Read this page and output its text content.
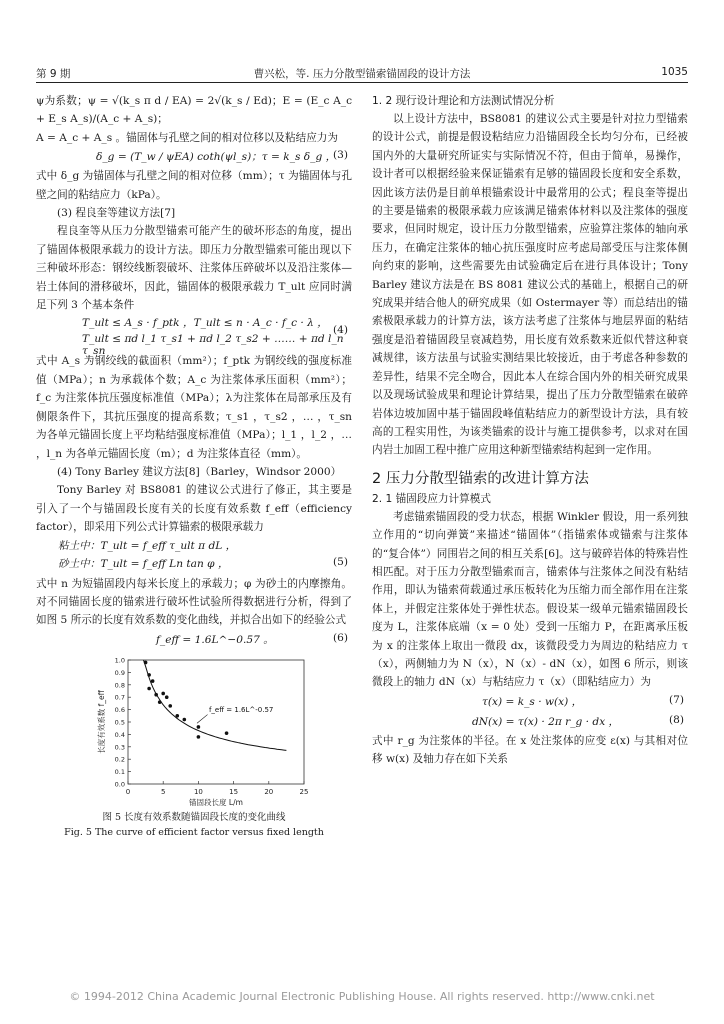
第 9 期	曹兴松，等. 压力分散型锚索锚固段的设计方法	1035

ψ为系数；ψ = √(k_s π d / EA) = 2√(k_s / Ed)；E = (E_c A_c + E_s A_s)/(A_c + A_s)；

A = A_c + A_s 。锚固体与孔壁之间的相对位移以及粘结应力为

δ_g = (T_w / ψEA) coth(ψl_s)；τ = k_s δ_g ，
(3)

式中 δ_g 为锚固体与孔壁之间的相对位移（mm）；τ 为锚固体与孔壁之间的粘结应力（kPa）。

(3) 程良奎等建议方法[7]

程良奎等从压力分散型锚索可能产生的破坏形态的角度，提出了锚固体极限承载力的设计方法。即压力分散型锚索可能出现以下三种破坏形态：钢绞线断裂破坏、注浆体压碎破坏以及沿注浆体—岩土体间的滑移破坏，因此，锚固体的极限承载力 T_ult 应同时满足下列 3 个基本条件

T_ult ≤ A_s · f_ptk ，T_ult ≤ n · A_c · f_c · λ ，
T_ult ≤ πd l_1 τ_s1 + πd l_2 τ_s2 + …… + πd l_n τ_sn
(4)

式中 A_s 为钢绞线的截面积（mm²）；f_ptk 为钢绞线的强度标准值（MPa）；n 为承载体个数；A_c 为注浆体承压面积（mm²）；f_c 为注浆体抗压强度标准值（MPa）；λ为注浆体在局部承压及有侧限条件下，其抗压强度的提高系数；τ_s1 ，τ_s2 ，… ，τ_sn 为各单元锚固长度上平均粘结强度标准值（MPa）；l_1 ，l_2 ，… ，l_n 为各单元锚固长度（m）；d 为注浆体直径（mm）。

(4) Tony Barley 建议方法[8]（Barley，Windsor 2000）

Tony Barley 对 BS8081 的建议公式进行了修正，其主要是引入了一个与锚固段长度有关的长度有效系数 f_eff（efficiency factor），即采用下列公式计算锚索的极限承载力

粘土中：T_ult = f_eff τ_ult π dL ，
砂土中：T_ult = f_eff Ln tan φ ，	(5)

式中 n 为短锚固段内每米长度上的承载力；φ 为砂土的内摩擦角。对不同锚固长度的锚索进行破坏性试验所得数据进行分析，得到了如图 5 所示的长度有效系数的变化曲线，并拟合出如下的经验公式

f_eff = 1.6L^−0.57 。	(6)
0	5	10	15	20	25
0.0
0.1
0.2
0.3
0.4
0.5
0.6
0.7
0.8
0.9
1.0
锚固段长度 L/m
长度有效系数 f_eff	f_eff = 1.6L^-0.57

图 5 长度有效系数随锚固段长度的变化曲线

Fig. 5 The curve of efficient factor versus fixed length

1. 2 现行设计理论和方法测试情况分析

以上设计方法中，BS8081 的建议公式主要是针对拉力型锚索的设计公式，前提是假设粘结应力沿锚固段全长均匀分布，已经被国内外的大量研究所证实与实际情况不符，但由于简单，易操作，设计者可以根据经验来保证锚索有足够的锚固段长度和安全系数，因此该方法仍是目前单根锚索设计中最常用的公式；程良奎等提出的主要是锚索的极限承载力应该满足锚索体材料以及注浆体的强度要求，但同时规定，设计压力分散型锚索，应验算注浆体的轴向承压力，在确定注浆体的轴心抗压强度时应考虑局部受压与注浆体侧向约束的影响，这些需要先由试验确定后在进行具体设计；Tony Barley 建议方法是在 BS 8081 建议公式的基础上，根据自己的研究成果并结合他人的研究成果（如 Ostermayer 等）而总结出的锚索极限承载力的计算方法，该方法考虑了注浆体与地层界面的粘结强度是沿着锚固段呈衰减趋势，用长度有效系数来近似代替这种衰减规律，该方法虽与试验实测结果比较接近，由于考虑各种参数的差异性，结果不完全吻合，因此本人在综合国内外的相关研究成果以及现场试验成果和理论计算结果，提出了压力分散型锚索在破碎岩体边坡加固中基于锚固段峰值粘结应力的新型设计方法，具有较高的工程实用性，为该类锚索的设计与施工提供参考，以求对在国内岩土加固工程中推广应用这种新型锚索结构起到一定作用。

2 压力分散型锚索的改进计算方法

2. 1 锚固段应力计算模式

考虑锚索锚固段的受力状态，根据 Winkler 假设，用一系列独立作用的“切向弹簧”来描述“锚固体”（指锚索体或锚索与注浆体的“复合体”）同围岩之间的相互关系[6]。这与破碎岩体的特殊岩性相匹配。对于压力分散型锚索而言，锚索体与注浆体之间没有粘结作用，即认为锚索荷载通过承压板转化为压缩力而全部作用在注浆体上，并假定注浆体处于弹性状态。假设某一级单元锚索锚固段长度为 L，注浆体底端（x = 0 处）受到一压缩力 P，在距离承压板为 x 的注浆体上取出一微段 dx，该微段受力为周边的粘结应力 τ（x），两侧轴力为 N（x），N（x）- dN（x），如图 6 所示，则该微段上的轴力 dN（x）与粘结应力 τ（x）（即粘结应力）为

τ(x) = k_s · w(x) ，	(7)
dN(x) = τ(x) · 2π r_g · dx ，	(8)

式中 r_g 为注浆体的半径。在 x 处注浆体的应变 ε(x) 与其相对位移 w(x) 及轴力存在如下关系

© 1994-2012 China Academic Journal Electronic Publishing House. All rights reserved. http://www.cnki.net
